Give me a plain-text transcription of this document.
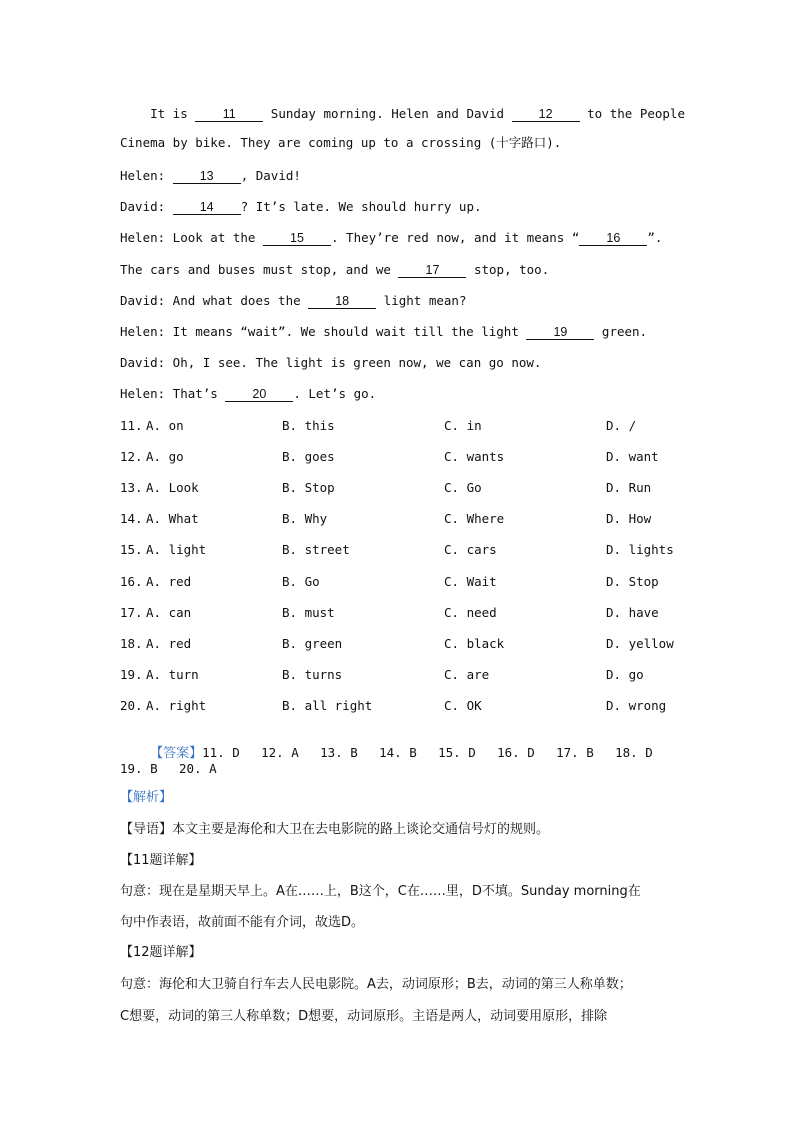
It is 11 Sunday morning. Helen and David 12 to the People
Cinema by bike. They are coming up to a crossing (十字路口).
Helen: 13 , David!
David: 14 ? It’s late. We should hurry up.
Helen: Look at the 15 . They’re red now, and it means “ 16 ”.
The cars and buses must stop, and we 17 stop, too.
David: And what does the 18 light mean?
Helen: It means “wait”. We should wait till the light 19 green.
David: Oh, I see. The light is green now, we can go now.
Helen: That’s 20 . Let’s go.
11. A. on	B. this	C. in	D. /
12. A. go	B. goes	C. wants	D. want
13. A. Look	B. Stop	C. Go	D. Run
14. A. What	B. Why	C. Where	D. How
15. A. light	B. street	C. cars	D. lights
16. A. red	B. Go	C. Wait	D. Stop
17. A. can	B. must	C. need	D. have
18. A. red	B. green	C. black	D. yellow
19. A. turn	B. turns	C. are	D. go
20. A. right	B. all right	C. OK	D. wrong

【答案】11. D 12. A 13. B 14. B 15. D 16. D 17. B 18. D

19. B 20. A
【解析】
【导语】本文主要是海伦和大卫在去电影院的路上谈论交通信号灯的规则。
【11题详解】
句意：现在是星期天早上。A在……上，B这个，C在……里，D不填。Sunday morning在
句中作表语，故前面不能有介词，故选D。
【12题详解】
句意：海伦和大卫骑自行车去人民电影院。A去，动词原形；B去，动词的第三人称单数；
C想要，动词的第三人称单数；D想要，动词原形。主语是两人，动词要用原形，排除
